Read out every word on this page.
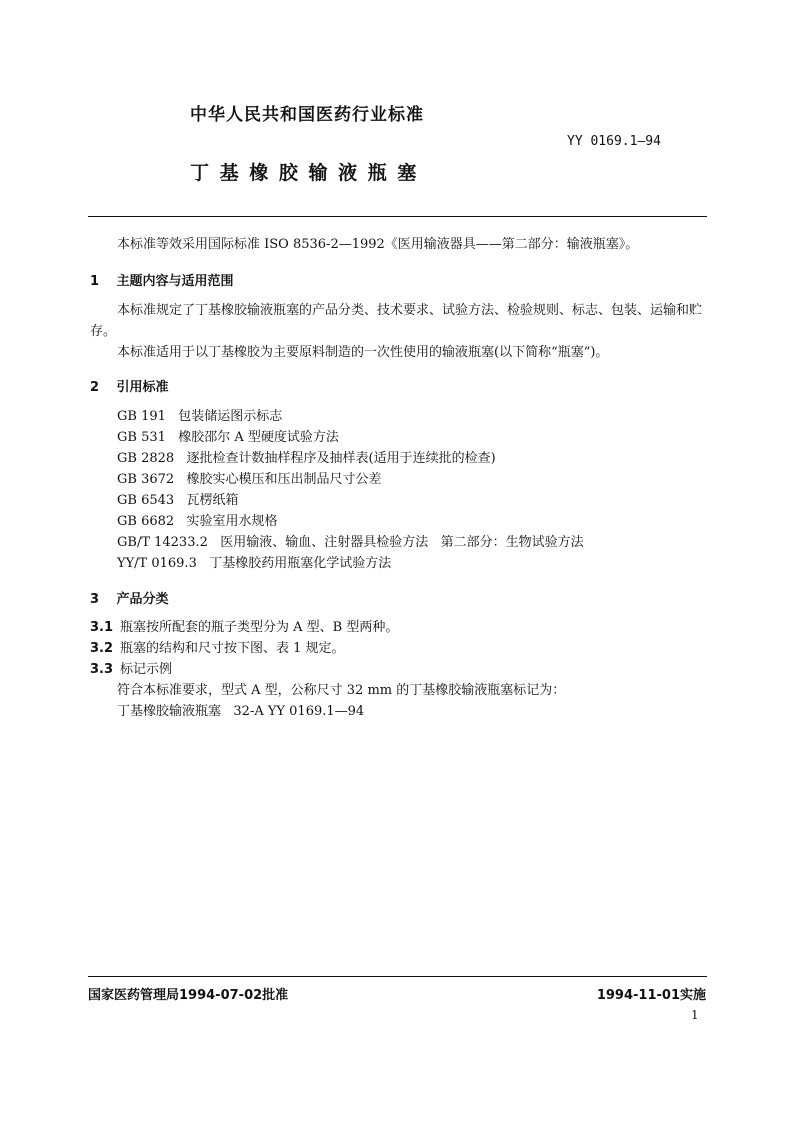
中华人民共和国医药行业标准
YY 0169.1—94
丁 基 橡 胶 输 液 瓶 塞
本标准等效采用国际标准 ISO 8536-2—1992《医用输液器具——第二部分：输液瓶塞》。
1 主题内容与适用范围
本标准规定了丁基橡胶输液瓶塞的产品分类、技术要求、试验方法、检验规则、标志、包装、运输和贮
存。
本标准适用于以丁基橡胶为主要原料制造的一次性使用的输液瓶塞(以下简称“瓶塞”)。
2 引用标准
GB 191   包装储运图示标志
GB 531   橡胶邵尔 A 型硬度试验方法
GB 2828   逐批检查计数抽样程序及抽样表(适用于连续批的检查)
GB 3672   橡胶实心模压和压出制品尺寸公差
GB 6543   瓦楞纸箱
GB 6682   实验室用水规格
GB/T 14233.2   医用输液、输血、注射器具检验方法   第二部分：生物试验方法
YY/T 0169.3   丁基橡胶药用瓶塞化学试验方法
3 产品分类
3.1 瓶塞按所配套的瓶子类型分为 A 型、B 型两种。
3.2 瓶塞的结构和尺寸按下图、表 1 规定。
3.3 标记示例
符合本标准要求，型式 A 型，公称尺寸 32 mm 的丁基橡胶输液瓶塞标记为：
丁基橡胶输液瓶塞   32-A YY 0169.1—94
国家医药管理局1994-07-02批准	1994-11-01实施
1
